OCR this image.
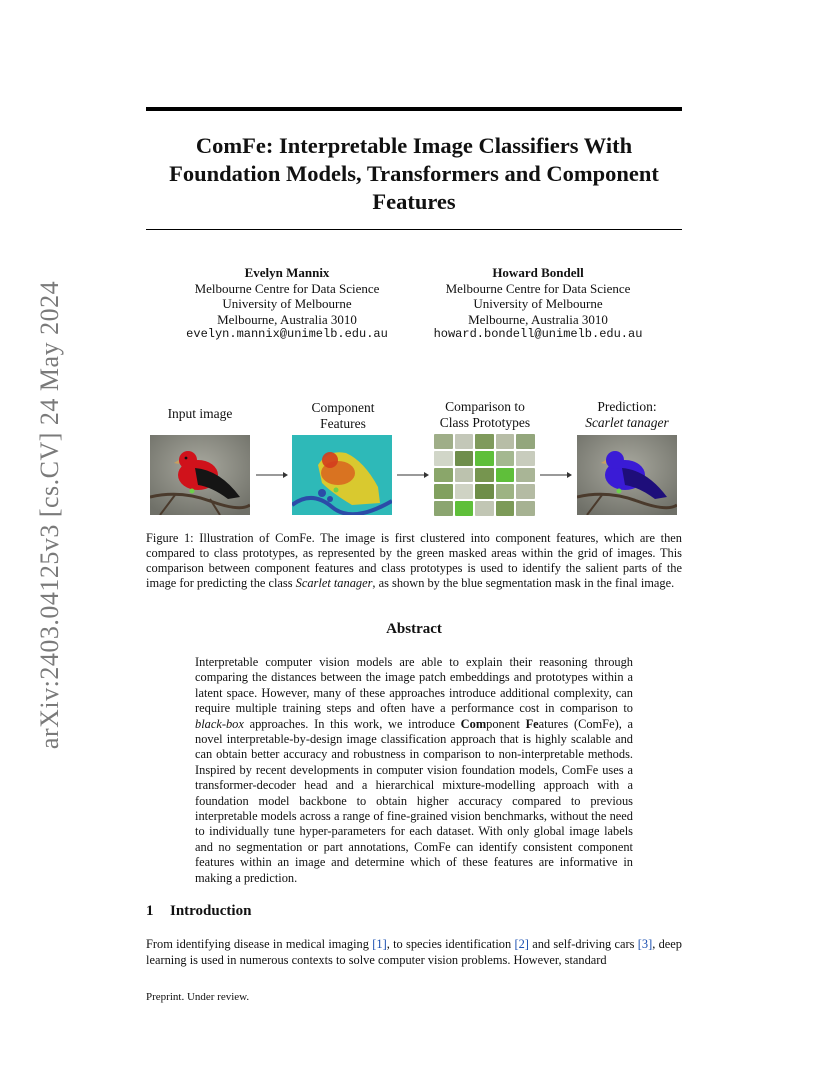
arXiv:2403.04125v3 [cs.CV] 24 May 2024
ComFe: Interpretable Image Classifiers With
Foundation Models, Transformers and Component
Features
Evelyn Mannix
Melbourne Centre for Data Science
University of Melbourne
Melbourne, Australia 3010
evelyn.mannix@unimelb.edu.au
Howard Bondell
Melbourne Centre for Data Science
University of Melbourne
Melbourne, Australia 3010
howard.bondell@unimelb.edu.au
Input image	Component
Features
Comparison to
Class Prototypes
Prediction:
Scarlet tanager
Figure 1: Illustration of ComFe. The image is first clustered into component features, which are then compared to class prototypes, as represented by the green masked areas within the grid of images. This comparison between component features and class prototypes is used to identify the salient parts of the image for predicting the class Scarlet tanager, as shown by the blue segmentation mask in the final image.
Abstract
Interpretable computer vision models are able to explain their reasoning through comparing the distances between the image patch embeddings and prototypes within a latent space. However, many of these approaches introduce additional complexity, can require multiple training steps and often have a performance cost in comparison to black-box approaches. In this work, we introduce Component Features (ComFe), a novel interpretable-by-design image classification approach that is highly scalable and can obtain better accuracy and robustness in comparison to non-interpretable methods. Inspired by recent developments in computer vision foundation models, ComFe uses a transformer-decoder head and a hierarchical mixture-modelling approach with a foundation model backbone to obtain higher accuracy compared to previous interpretable models across a range of fine-grained vision benchmarks, without the need to individually tune hyper-parameters for each dataset. With only global image labels and no segmentation or part annotations, ComFe can identify consistent component features within an image and determine which of these features are informative in making a prediction.
1 Introduction
From identifying disease in medical imaging [1], to species identification [2] and self-driving cars [3], deep learning is used in numerous contexts to solve computer vision problems. However, standard
Preprint. Under review.
